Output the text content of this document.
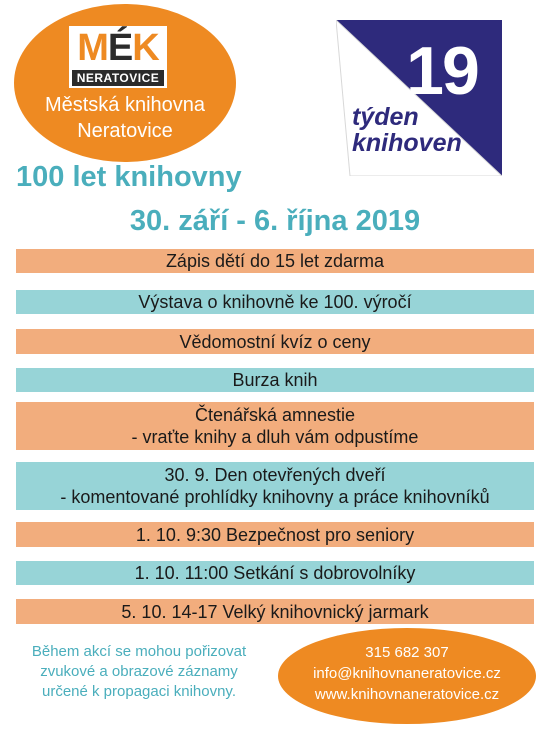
M É K
NERATOVICE
Městská knihovna
Neratovice
19
týden
knihoven
100 let knihovny
30. září - 6. října 2019
Zápis dětí do 15 let zdarma
Výstava o knihovně ke 100. výročí
Vědomostní kvíz o ceny
Burza knih
Čtenářská amnestie
- vraťte knihy a dluh vám odpustíme
30. 9. Den otevřených dveří
- komentované prohlídky knihovny a práce knihovníků
1. 10. 9:30 Bezpečnost pro seniory
1. 10. 11:00 Setkání s dobrovolníky
5. 10. 14-17 Velký knihovnický jarmark
Během akcí se mohou pořizovat
zvukové a obrazové záznamy
určené k propagaci knihovny.
315 682 307
info@knihovnaneratovice.cz
www.knihovnaneratovice.cz
